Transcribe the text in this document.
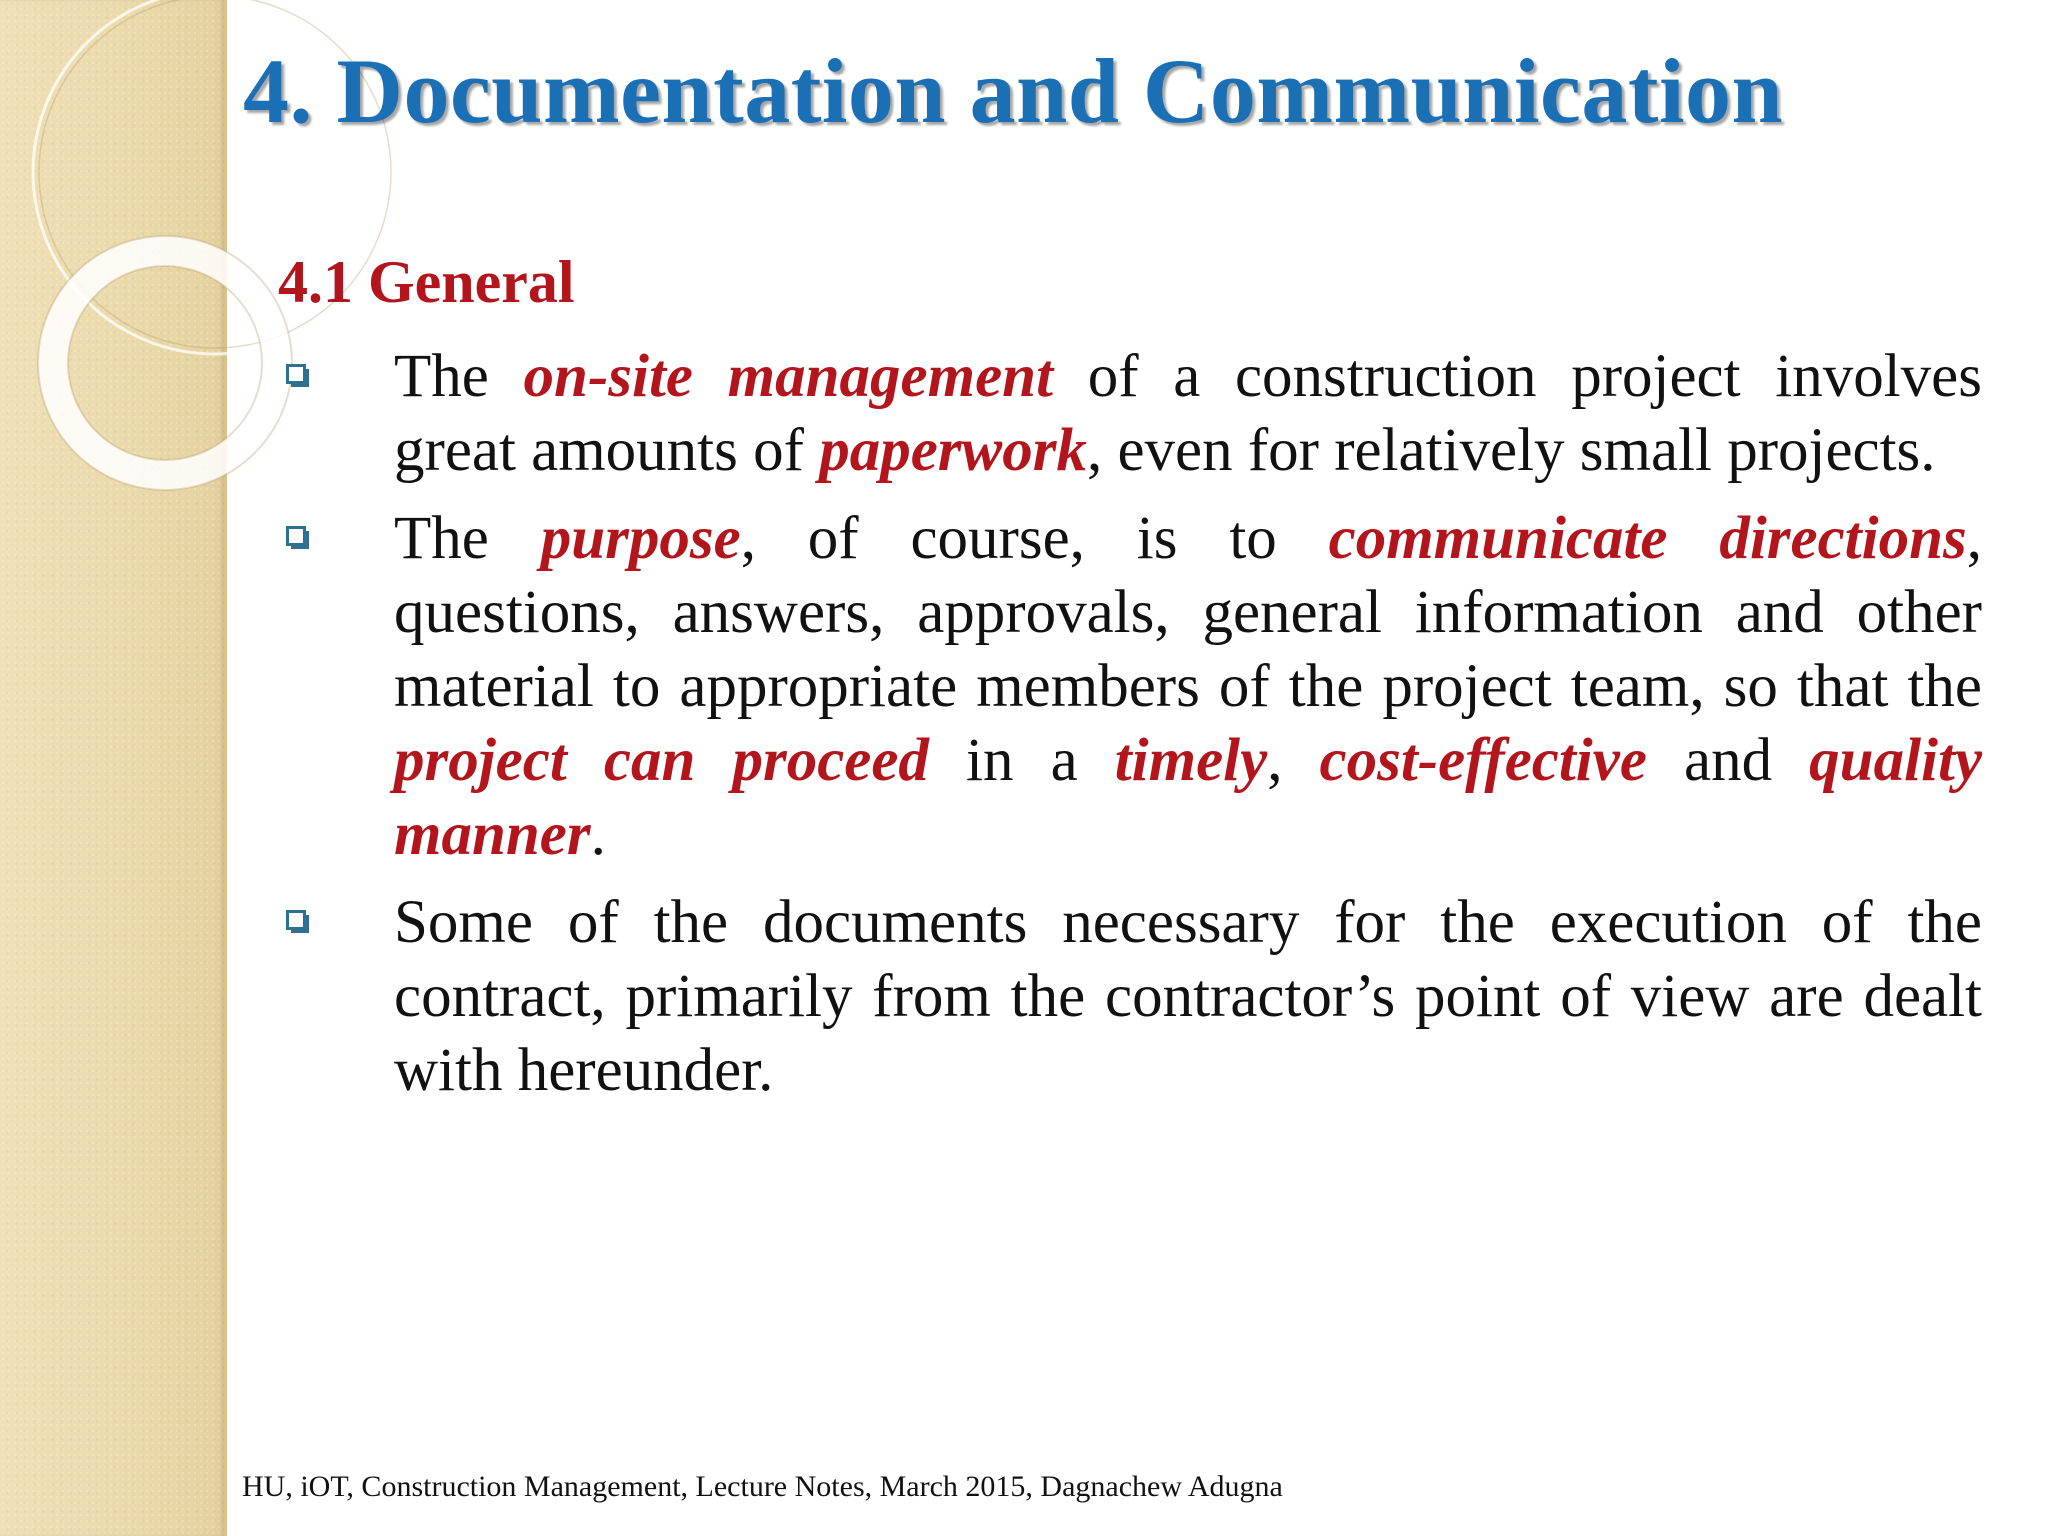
4. Documentation and Communication
4.1 General

The on-site management of a construction project involves great amounts of paperwork, even for relatively small projects.

The purpose, of course, is to communicate directions, questions, answers, approvals, general information and other material to appropriate members of the project team, so that the project can proceed in a timely, cost-effective and quality manner.

Some of the documents necessary for the execution of the contract, primarily from the contractor’s point of view are dealt with hereunder.

HU, iOT, Construction Management, Lecture Notes, March 2015, Dagnachew Adugna
